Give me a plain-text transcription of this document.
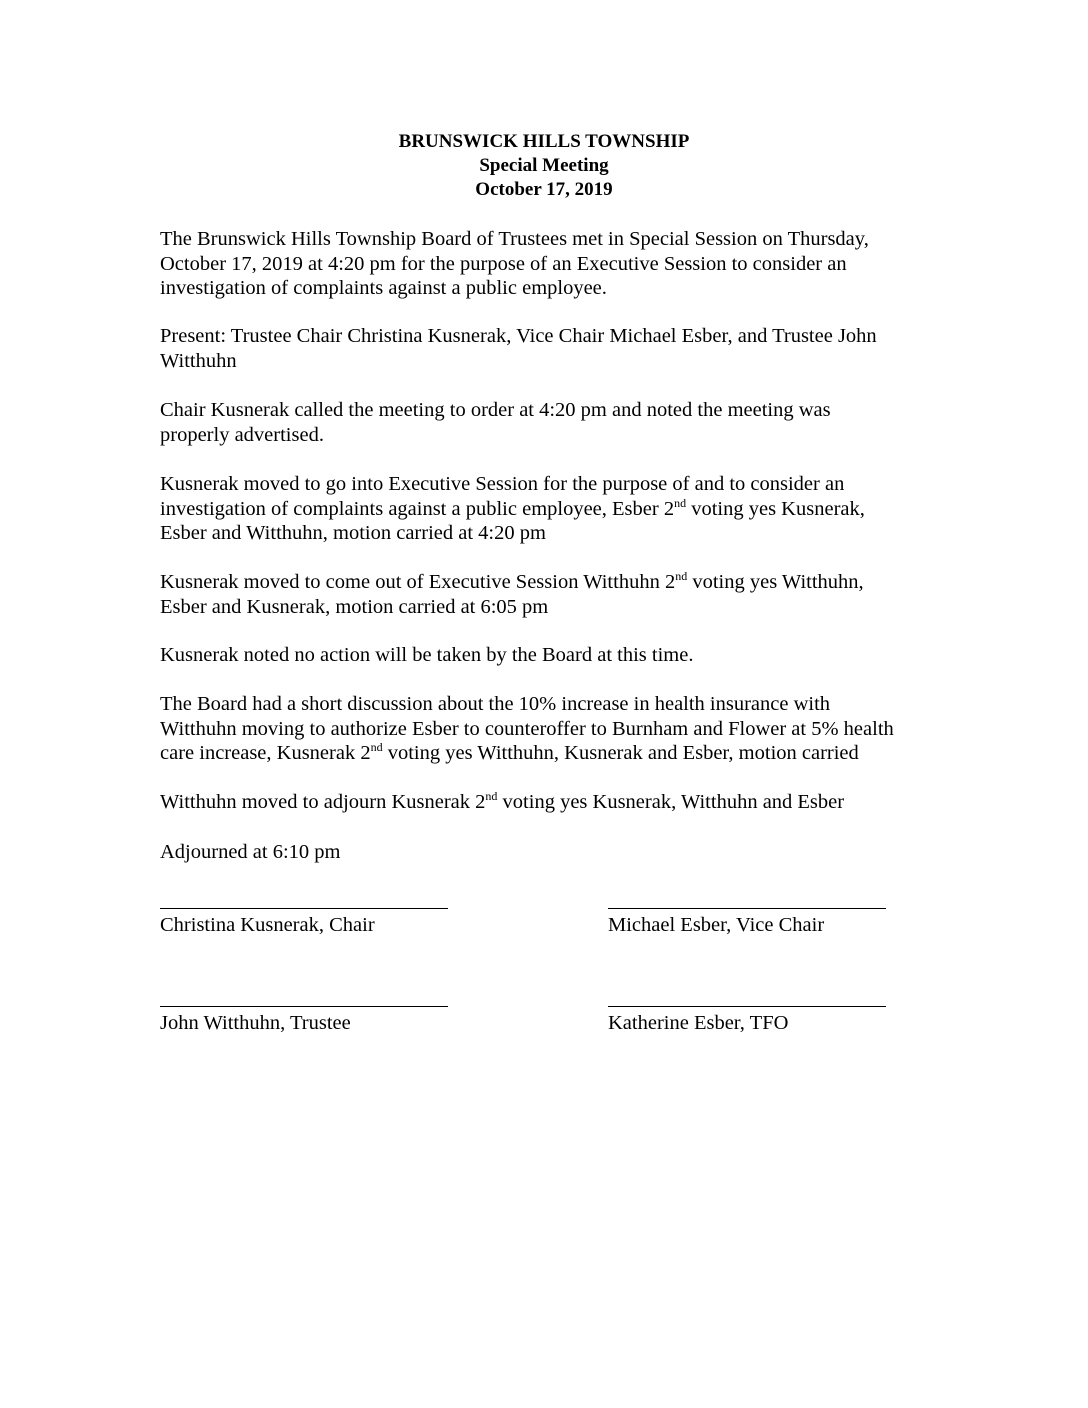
BRUNSWICK HILLS TOWNSHIP
Special Meeting
October 17, 2019

The Brunswick Hills Township Board of Trustees met in Special Session on Thursday,

October 17, 2019 at 4:20 pm for the purpose of an Executive Session to consider an

investigation of complaints against a public employee.

Present: Trustee Chair Christina Kusnerak, Vice Chair Michael Esber, and Trustee John

Witthuhn

Chair Kusnerak called the meeting to order at 4:20 pm and noted the meeting was

properly advertised.

Kusnerak moved to go into Executive Session for the purpose of and to consider an

investigation of complaints against a public employee, Esber 2nd voting yes Kusnerak,

Esber and Witthuhn, motion carried at 4:20 pm

Kusnerak moved to come out of Executive Session Witthuhn 2nd voting yes Witthuhn,

Esber and Kusnerak, motion carried at 6:05 pm

Kusnerak noted no action will be taken by the Board at this time.

The Board had a short discussion about the 10% increase in health insurance with

Witthuhn moving to authorize Esber to counteroffer to Burnham and Flower at 5% health

care increase, Kusnerak 2nd voting yes Witthuhn, Kusnerak and Esber, motion carried

Witthuhn moved to adjourn Kusnerak 2nd voting yes Kusnerak, Witthuhn and Esber

Adjourned at 6:10 pm

Christina Kusnerak, Chair	Michael Esber, Vice Chair
John Witthuhn, Trustee	Katherine Esber, TFO
